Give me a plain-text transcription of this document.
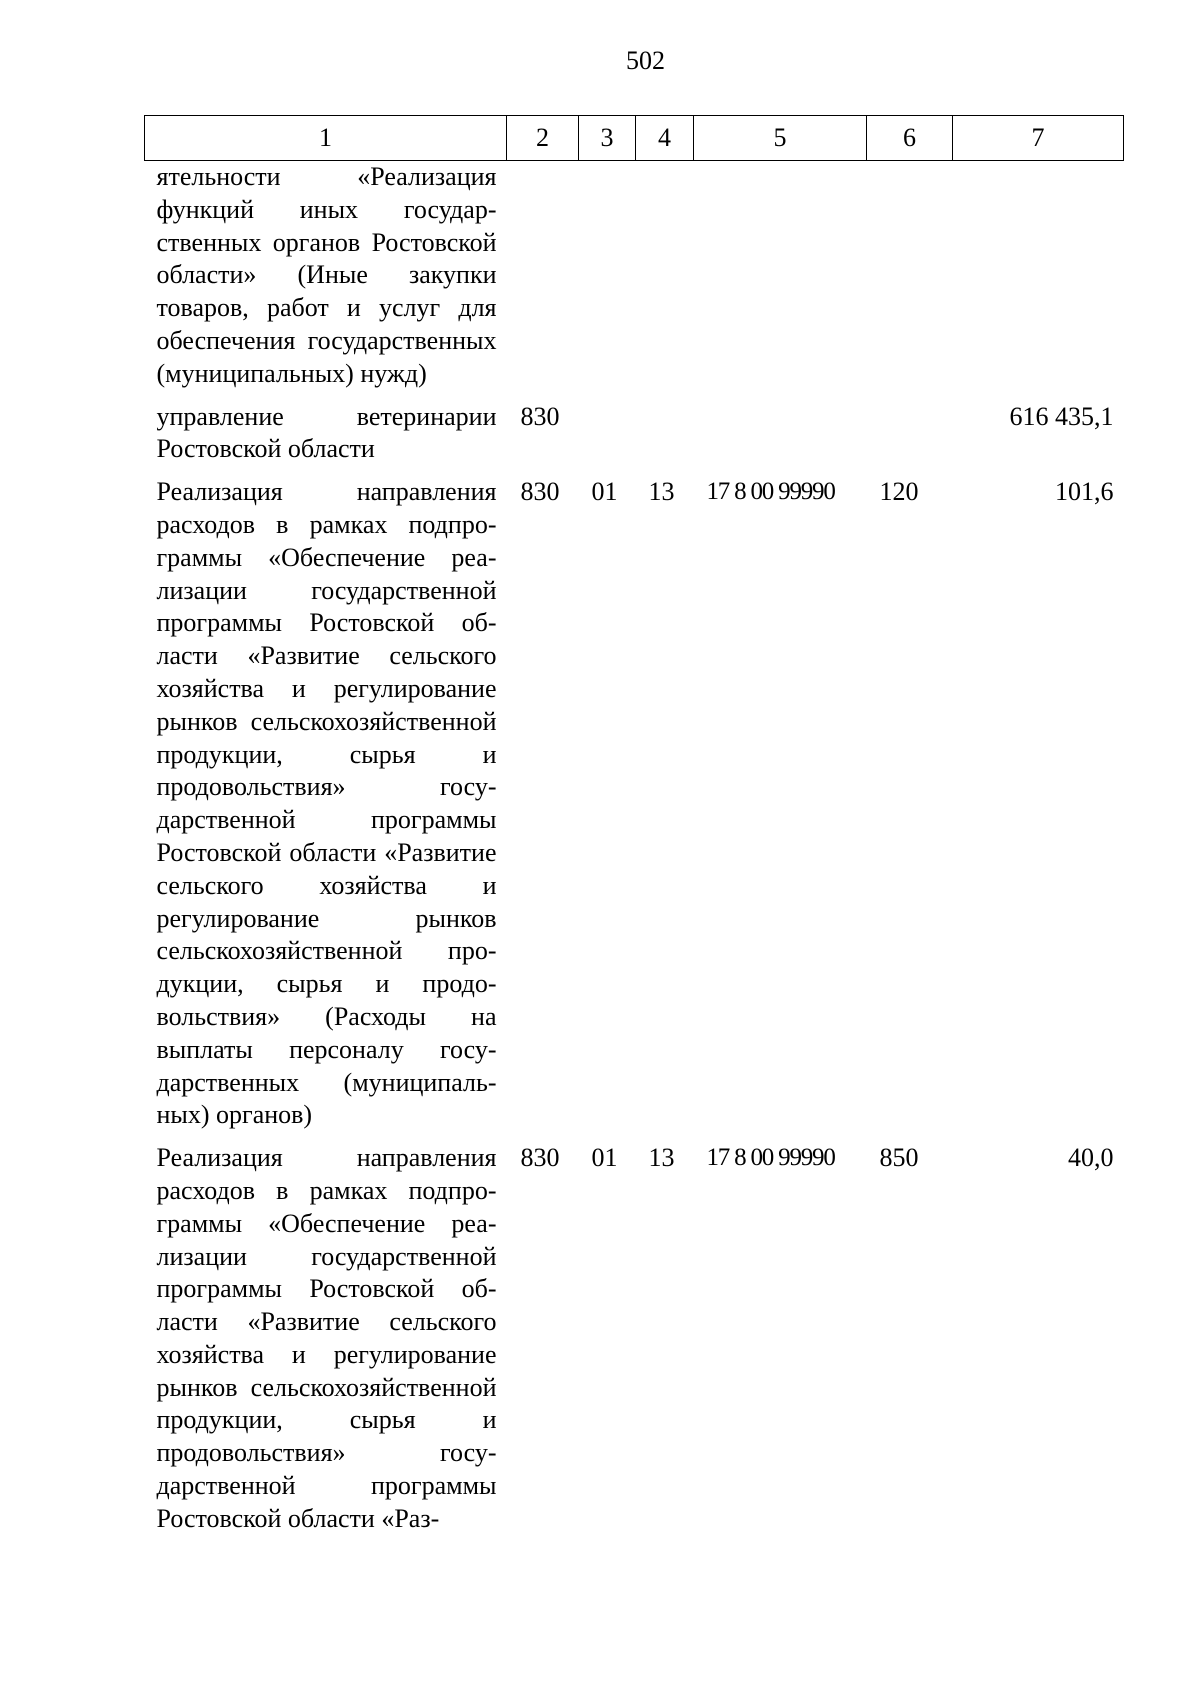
502
1	2	3	4	5	6	7
ятельности «Реализация функций иных государственных органов Ростовской области» (Иные закупки товаров, работ и услуг для обеспечения государственных (муниципальных) нужд)						
управление ветеринарии Ростовской области	830					616 435,1
Реализация направления расходов в рамках подпрограммы «Обеспечение реализации государственной программы Ростовской области «Развитие сельского хозяйства и регулирование рынков сельскохозяйственной продукции, сырья и продовольствия» государственной программы Ростовской области «Развитие сельского хозяйства и регулирование рынков сельскохозяйственной продукции, сырья и продовольствия» (Расходы на выплаты персоналу государственных (муниципальных) органов)	830	01	13	17 8 00 99990	120	101,6
Реализация направления расходов в рамках подпрограммы «Обеспечение реализации государственной программы Ростовской области «Развитие сельского хозяйства и регулирование рынков сельскохозяйственной продукции, сырья и продовольствия» государственной программы Ростовской области «Раз-	830	01	13	17 8 00 99990	850	40,0
